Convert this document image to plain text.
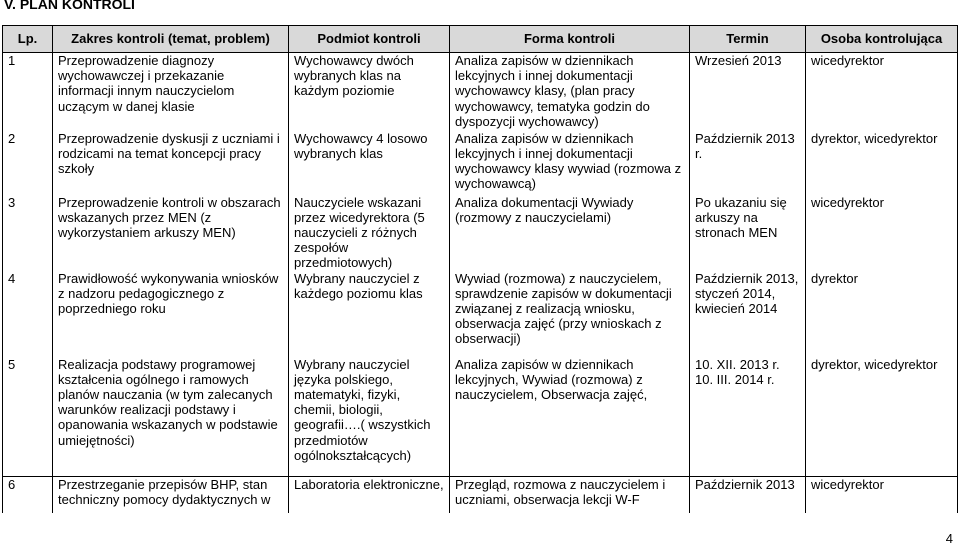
V. PLAN KONTROLI
Lp.	Zakres kontroli (temat, problem)	Podmiot kontroli	Forma kontroli	Termin	Osoba kontrolująca
1	Przeprowadzenie diagnozy wychowawczej i przekazanie informacji innym nauczycielom uczącym w danej klasie	Wychowawcy dwóch wybranych klas na każdym poziomie	Analiza zapisów w dziennikach lekcyjnych i innej dokumentacji wychowawcy klasy, (plan pracy wychowawcy, tematyka godzin do dyspozycji wychowawcy)	Wrzesień 2013	wicedyrektor
2	Przeprowadzenie dyskusji z uczniami i rodzicami na temat koncepcji pracy szkoły	Wychowawcy 4 losowo wybranych klas	Analiza zapisów w dziennikach lekcyjnych i innej dokumentacji wychowawcy klasy wywiad (rozmowa z wychowawcą)	Październik 2013 r.	dyrektor, wicedyrektor
3	Przeprowadzenie kontroli w obszarach wskazanych przez MEN (z wykorzystaniem arkuszy MEN)	Nauczyciele wskazani przez wicedyrektora (5 nauczycieli z różnych zespołów przedmiotowych)	Analiza dokumentacji Wywiady (rozmowy z nauczycielami)	Po ukazaniu się arkuszy na stronach MEN	wicedyrektor
4	Prawidłowość wykonywania wniosków z nadzoru pedagogicznego z poprzedniego roku	Wybrany nauczyciel z każdego poziomu klas	Wywiad (rozmowa) z nauczycielem, sprawdzenie zapisów w dokumentacji związanej z realizacją wniosku, obserwacja zajęć (przy wnioskach z obserwacji)	Październik 2013, styczeń 2014, kwiecień 2014	dyrektor
5	Realizacja podstawy programowej kształcenia ogólnego i ramowych planów nauczania (w tym zalecanych warunków realizacji podstawy i opanowania wskazanych w podstawie umiejętności)	Wybrany nauczyciel języka polskiego, matematyki, fizyki, chemii, biologii, geografii….( wszystkich przedmiotów ogólnokształcących)	Analiza zapisów w dziennikach lekcyjnych, Wywiad (rozmowa) z nauczycielem, Obserwacja zajęć,	10. XII. 2013 r. 10. III. 2014 r.	dyrektor, wicedyrektor

6	Przestrzeganie przepisów BHP, stan techniczny pomocy dydaktycznych w	Laboratoria elektroniczne,	Przegląd, rozmowa z nauczycielem i uczniami, obserwacja lekcji W-F	Październik 2013	wicedyrektor
4
